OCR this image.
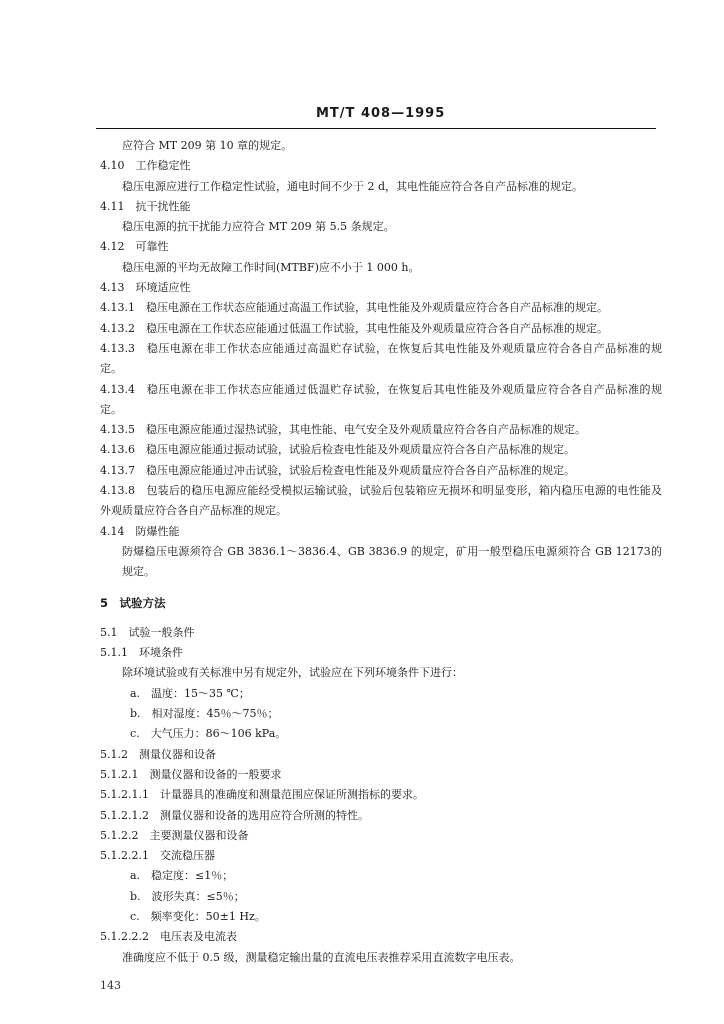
MT/T 408—1995
应符合 MT 209 第 10 章的规定。
4.10　工作稳定性
稳压电源应进行工作稳定性试验，通电时间不少于 2 d，其电性能应符合各自产品标准的规定。
4.11　抗干扰性能
稳压电源的抗干扰能力应符合 MT 209 第 5.5 条规定。
4.12　可靠性
稳压电源的平均无故障工作时间(MTBF)应不小于 1 000 h。
4.13　环境适应性
4.13.1　稳压电源在工作状态应能通过高温工作试验，其电性能及外观质量应符合各自产品标准的规定。
4.13.2　稳压电源在工作状态应能通过低温工作试验，其电性能及外观质量应符合各自产品标准的规定。
4.13.3　稳压电源在非工作状态应能通过高温贮存试验，在恢复后其电性能及外观质量应符合各自产品标准的规定。
4.13.4　稳压电源在非工作状态应能通过低温贮存试验，在恢复后其电性能及外观质量应符合各自产品标准的规定。
4.13.5　稳压电源应能通过湿热试验，其电性能、电气安全及外观质量应符合各自产品标准的规定。
4.13.6　稳压电源应能通过振动试验，试验后检查电性能及外观质量应符合各自产品标准的规定。
4.13.7　稳压电源应能通过冲击试验，试验后检查电性能及外观质量应符合各自产品标准的规定。
4.13.8　包装后的稳压电源应能经受模拟运输试验，试验后包装箱应无损坏和明显变形，箱内稳压电源的电性能及外观质量应符合各自产品标准的规定。
4.14　防爆性能
防爆稳压电源须符合 GB 3836.1～3836.4、GB 3836.9 的规定，矿用一般型稳压电源须符合 GB 12173的规定。
5　试验方法
5.1　试验一般条件
5.1.1　环境条件
除环境试验或有关标准中另有规定外，试验应在下列环境条件下进行：
a.　温度：15～35 ℃；
b.　相对湿度：45％～75％；
c.　大气压力：86～106 kPa。
5.1.2　测量仪器和设备
5.1.2.1　测量仪器和设备的一般要求
5.1.2.1.1　计量器具的准确度和测量范围应保证所测指标的要求。
5.1.2.1.2　测量仪器和设备的选用应符合所测的特性。
5.1.2.2　主要测量仪器和设备
5.1.2.2.1　交流稳压器
a.　稳定度：≤1％；
b.　波形失真：≤5％；
c.　频率变化：50±1 Hz。
5.1.2.2.2　电压表及电流表
准确度应不低于 0.5 级，测量稳定输出量的直流电压表推荐采用直流数字电压表。
143
